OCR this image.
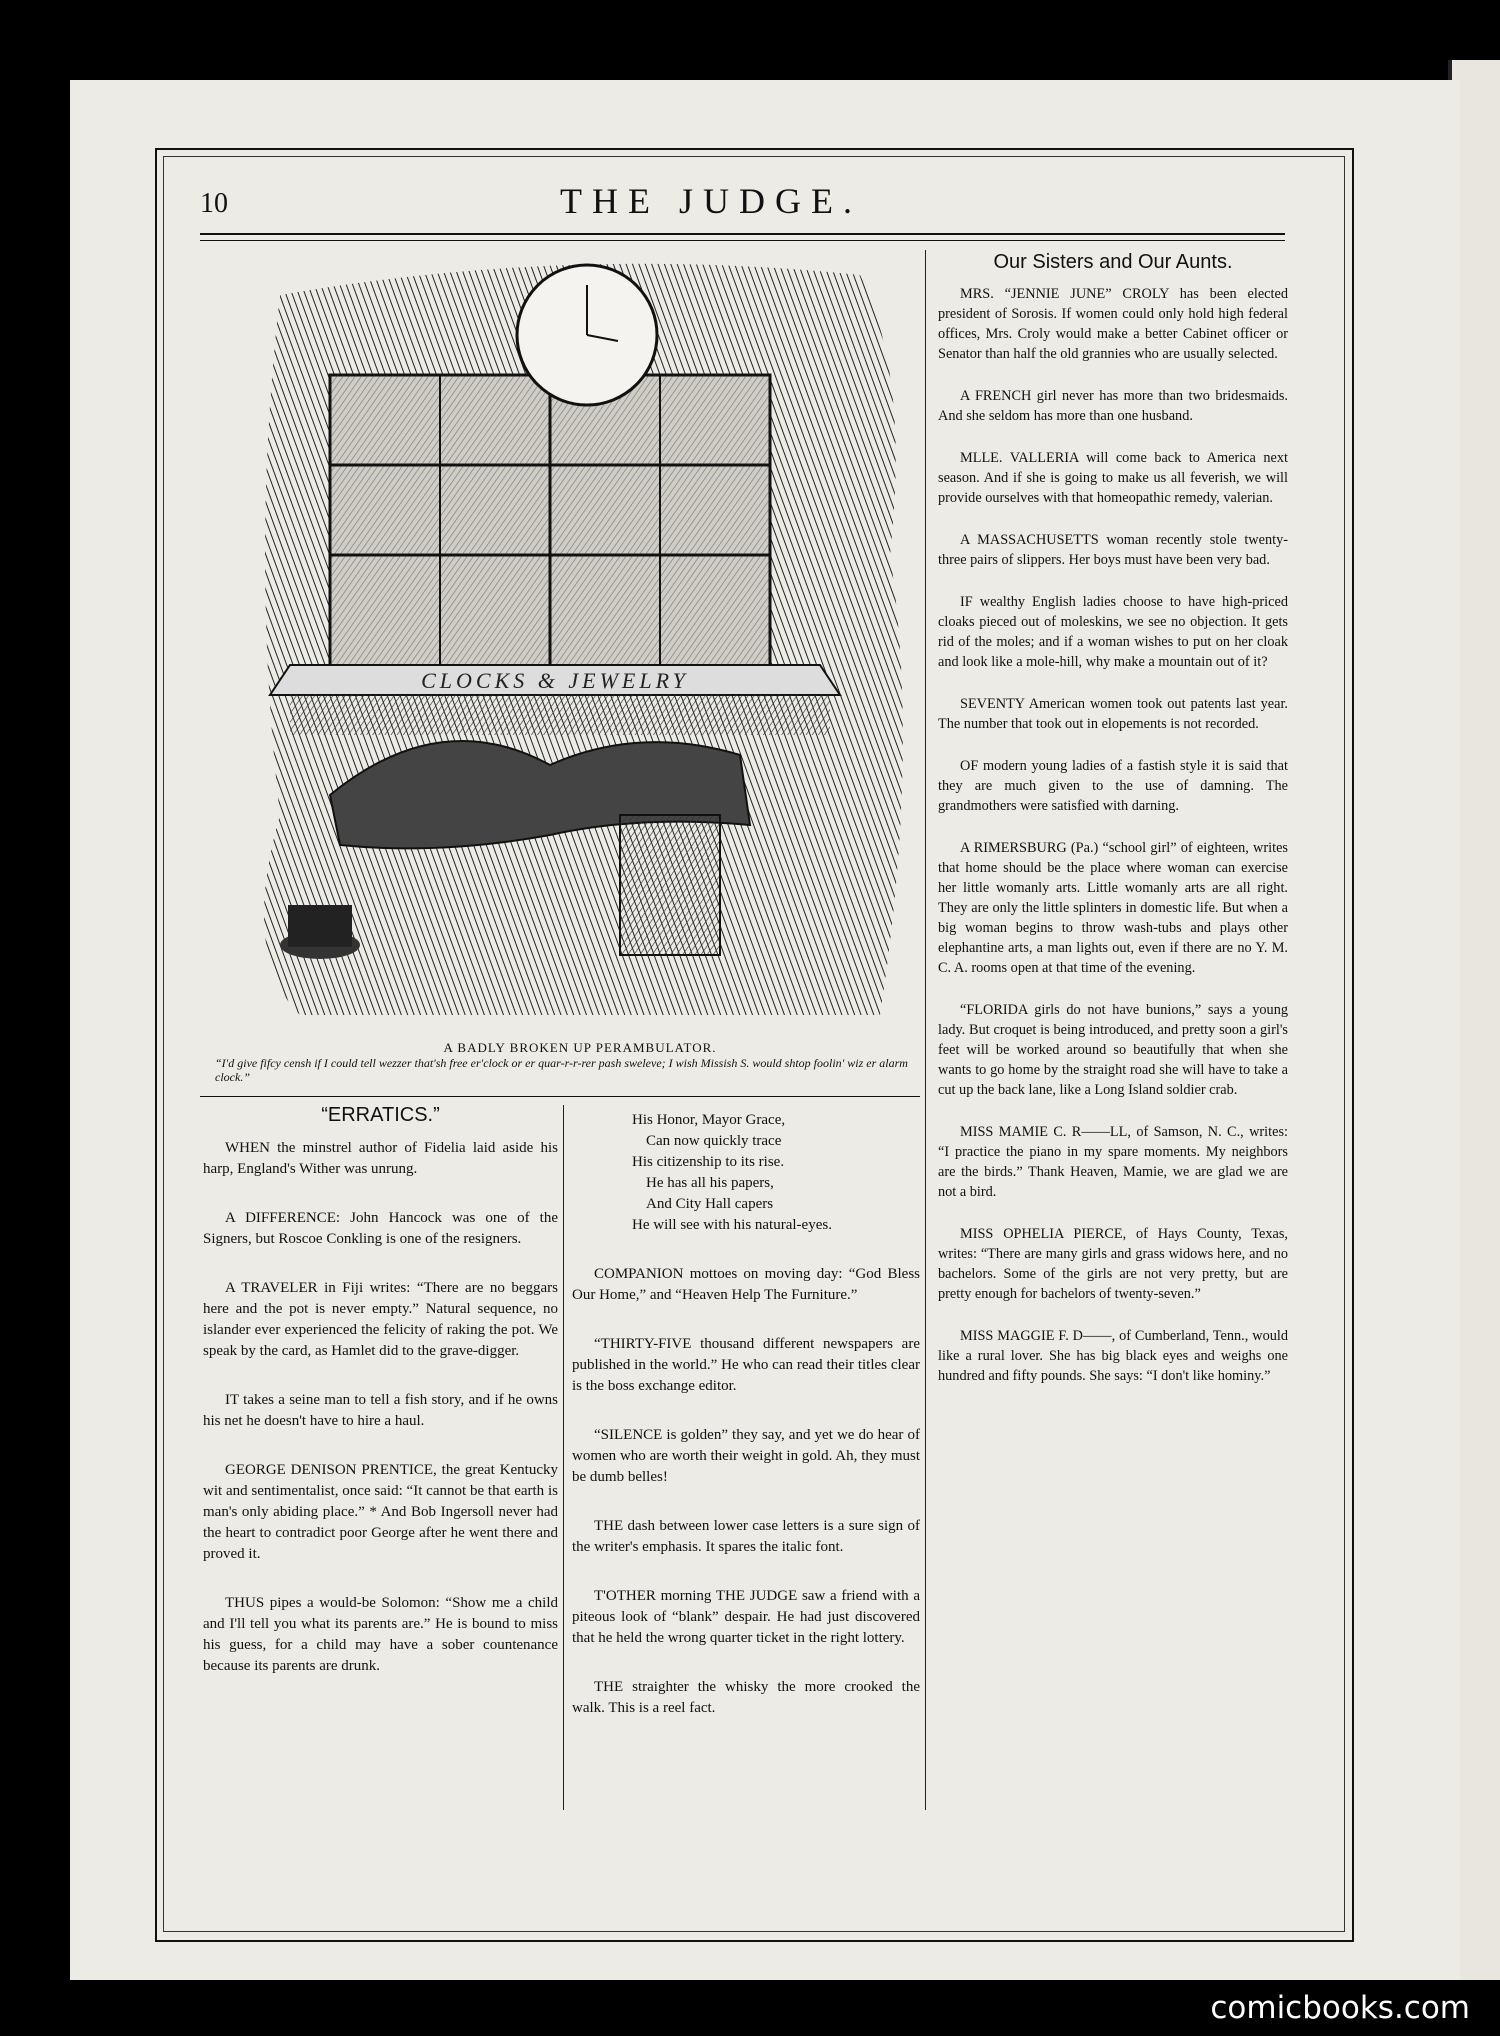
10	THE JUDGE.
CLOCKS & JEWELRY
A BADLY BROKEN UP PERAMBULATOR.
“I'd give fifcy censh if I could tell wezzer that'sh free er'clock or er quar-r-r-rer pash sweleve; I wish Missish S. would shtop foolin' wiz er alarm clock.”

“ERRATICS.”

WHEN the minstrel author of Fidelia laid aside his harp, England's Wither was unrung.

A DIFFERENCE: John Hancock was one of the Signers, but Roscoe Conkling is one of the resigners.

A TRAVELER in Fiji writes: “There are no beggars here and the pot is never empty.” Natural sequence, no islander ever experienced the felicity of raking the pot. We speak by the card, as Hamlet did to the grave-digger.

IT takes a seine man to tell a fish story, and if he owns his net he doesn't have to hire a haul.

GEORGE DENISON PRENTICE, the great Kentucky wit and sentimentalist, once said: “It cannot be that earth is man's only abiding place.” * And Bob Ingersoll never had the heart to contradict poor George after he went there and proved it.

THUS pipes a would-be Solomon: “Show me a child and I'll tell you what its parents are.” He is bound to miss his guess, for a child may have a sober countenance because its parents are drunk.

His Honor, Mayor Grace,
Can now quickly trace
His citizenship to its rise.
He has all his papers,
And City Hall capers
He will see with his natural-eyes.

COMPANION mottoes on moving day: “God Bless Our Home,” and “Heaven Help The Furniture.”

“THIRTY-FIVE thousand different newspapers are published in the world.” He who can read their titles clear is the boss exchange editor.

“SILENCE is golden” they say, and yet we do hear of women who are worth their weight in gold. Ah, they must be dumb belles!

THE dash between lower case letters is a sure sign of the writer's emphasis. It spares the italic font.

T'OTHER morning THE JUDGE saw a friend with a piteous look of “blank” despair. He had just discovered that he held the wrong quarter ticket in the right lottery.

THE straighter the whisky the more crooked the walk. This is a reel fact.

Our Sisters and Our Aunts.

MRS. “JENNIE JUNE” CROLY has been elected president of Sorosis. If women could only hold high federal offices, Mrs. Croly would make a better Cabinet officer or Senator than half the old grannies who are usually selected.

A FRENCH girl never has more than two bridesmaids. And she seldom has more than one husband.

MLLE. VALLERIA will come back to America next season. And if she is going to make us all feverish, we will provide ourselves with that homeopathic remedy, valerian.

A MASSACHUSETTS woman recently stole twenty-three pairs of slippers. Her boys must have been very bad.

IF wealthy English ladies choose to have high-priced cloaks pieced out of moleskins, we see no objection. It gets rid of the moles; and if a woman wishes to put on her cloak and look like a mole-hill, why make a mountain out of it?

SEVENTY American women took out patents last year. The number that took out in elopements is not recorded.

OF modern young ladies of a fastish style it is said that they are much given to the use of damning. The grandmothers were satisfied with darning.

A RIMERSBURG (Pa.) “school girl” of eighteen, writes that home should be the place where woman can exercise her little womanly arts. Little womanly arts are all right. They are only the little splinters in domestic life. But when a big woman begins to throw wash-tubs and plays other elephantine arts, a man lights out, even if there are no Y. M. C. A. rooms open at that time of the evening.

“FLORIDA girls do not have bunions,” says a young lady. But croquet is being introduced, and pretty soon a girl's feet will be worked around so beautifully that when she wants to go home by the straight road she will have to take a cut up the back lane, like a Long Island soldier crab.

MISS MAMIE C. R——LL, of Samson, N. C., writes: “I practice the piano in my spare moments. My neighbors are the birds.” Thank Heaven, Mamie, we are glad we are not a bird.

MISS OPHELIA PIERCE, of Hays County, Texas, writes: “There are many girls and grass widows here, and no bachelors. Some of the girls are not very pretty, but are pretty enough for bachelors of twenty-seven.”

MISS MAGGIE F. D——, of Cumberland, Tenn., would like a rural lover. She has big black eyes and weighs one hundred and fifty pounds. She says: “I don't like hominy.”

comicbooks.com
